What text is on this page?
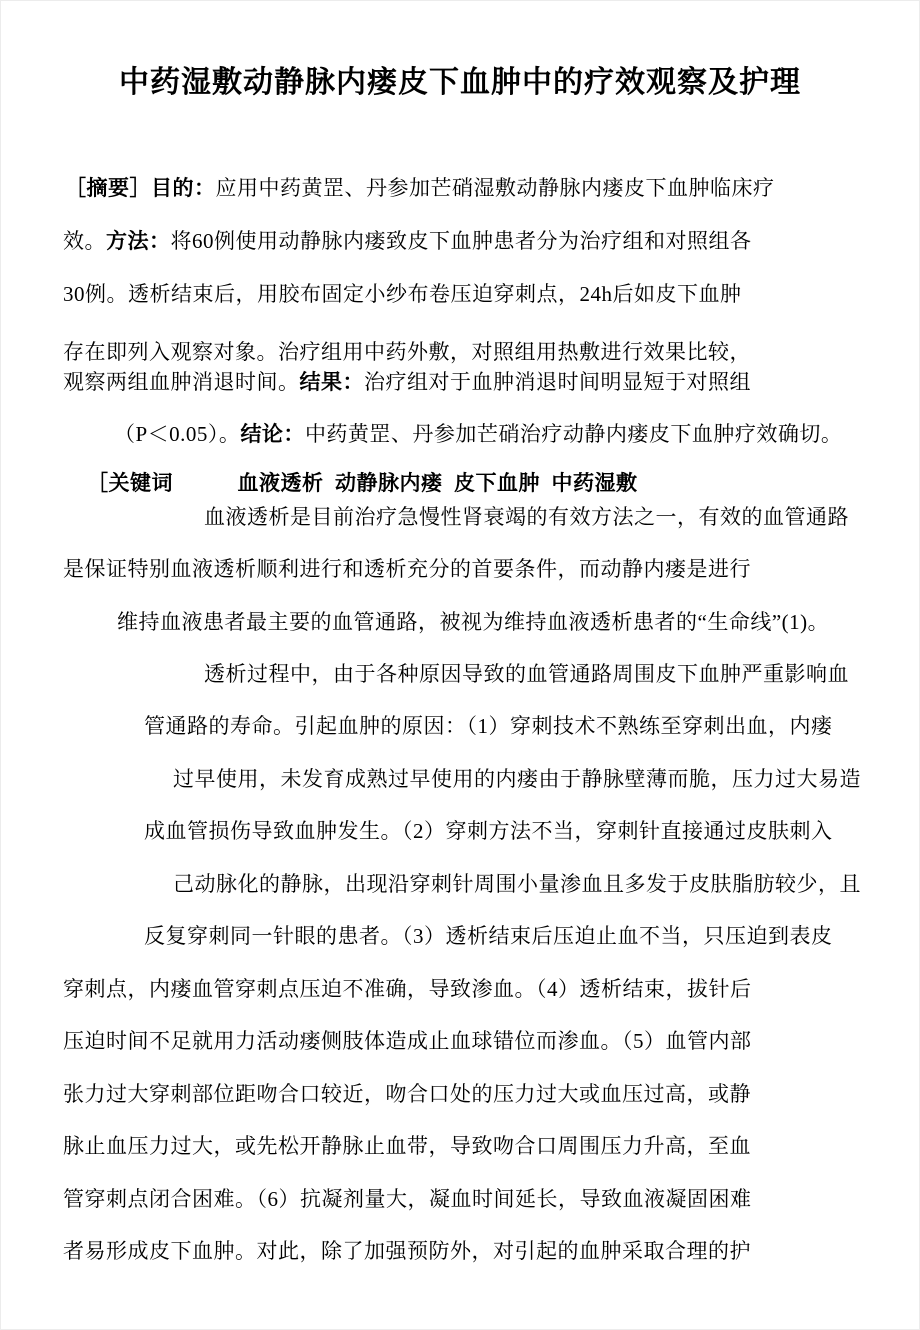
中药湿敷动静脉内瘘皮下血肿中的疗效观察及护理
［摘要］目的：应用中药黄罡、丹参加芒硝湿敷动静脉内瘘皮下血肿临床疗
效。方法：将60例使用动静脉内瘘致皮下血肿患者分为治疗组和对照组各
30例。透析结束后，用胶布固定小纱布卷压迫穿刺点，24h后如皮下血肿
存在即列入观察对象。治疗组用中药外敷，对照组用热敷进行效果比较，
观察两组血肿消退时间。结果：治疗组对于血肿消退时间明显短于对照组
（P＜0.05）。结论：中药黄罡、丹参加芒硝治疗动静内瘘皮下血肿疗效确切。
［关键词　　　血液透析  动静脉内瘘  皮下血肿  中药湿敷
血液透析是目前治疗急慢性肾衰竭的有效方法之一，有效的血管通路
是保证特别血液透析顺利进行和透析充分的首要条件，而动静内瘘是进行
维持血液患者最主要的血管通路，被视为维持血液透析患者的“生命线”(1)。
透析过程中，由于各种原因导致的血管通路周围皮下血肿严重影响血
管通路的寿命。引起血肿的原因：（1）穿刺技术不熟练至穿刺出血，内瘘
过早使用，未发育成熟过早使用的内瘘由于静脉壁薄而脆，压力过大易造
成血管损伤导致血肿发生。（2）穿刺方法不当，穿刺针直接通过皮肤刺入
己动脉化的静脉，出现沿穿刺针周围小量渗血且多发于皮肤脂肪较少，且
反复穿刺同一针眼的患者。（3）透析结束后压迫止血不当，只压迫到表皮
穿刺点，内瘘血管穿刺点压迫不准确，导致渗血。（4）透析结束，拔针后
压迫时间不足就用力活动瘘侧肢体造成止血球错位而渗血。（5）血管内部
张力过大穿刺部位距吻合口较近，吻合口处的压力过大或血压过高，或静
脉止血压力过大，或先松开静脉止血带，导致吻合口周围压力升高，至血
管穿刺点闭合困难。（6）抗凝剂量大，凝血时间延长，导致血液凝固困难
者易形成皮下血肿。对此，除了加强预防外，对引起的血肿采取合理的护
